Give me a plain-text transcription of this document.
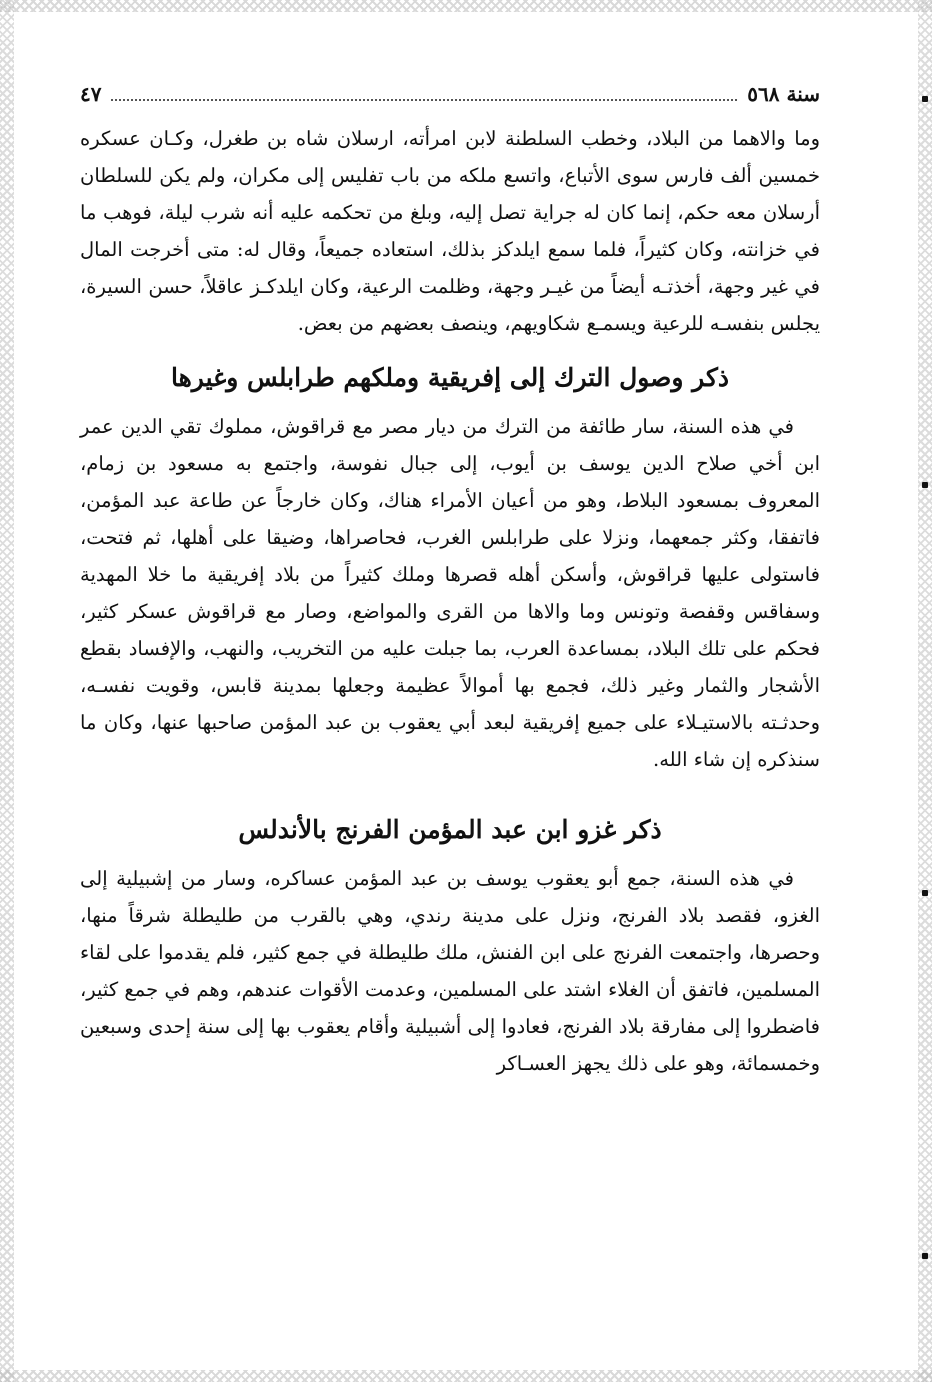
سنة ٥٦٨
٤٧

وما والاهما من البلاد، وخطب السلطنة لابن امرأته، ارسلان شاه بن طغرل، وكـان عسكره خمسين ألف فارس سوى الأتباع، واتسع ملكه من باب تفليس إلى مكران، ولم يكن للسلطان أرسلان معه حكم، إنما كان له جراية تصل إليه، وبلغ من تحكمه عليه أنه شرب ليلة، فوهب ما في خزانته، وكان كثيراً، فلما سمع ايلدكز بذلك، استعاده جميعاً، وقال له: متى أخرجت المال في غير وجهة، أخذتـه أيضاً من غيـر وجهة، وظلمت الرعية، وكان ايلدكـز عاقلاً، حسن السيرة، يجلس بنفسـه للرعية ويسمـع شكاويهم، وينصف بعضهم من بعض.

ذكر وصول الترك إلى إفريقية وملكهم طرابلس وغيرها

في هذه السنة، سار طائفة من الترك من ديار مصر مع قراقوش، مملوك تقي الدين عمر ابن أخي صلاح الدين يوسف بن أيوب، إلى جبال نفوسة، واجتمع به مسعود بن زمام، المعروف بمسعود البلاط، وهو من أعيان الأمراء هناك، وكان خارجاً عن طاعة عبد المؤمن، فاتفقا، وكثر جمعهما، ونزلا على طرابلس الغرب، فحاصراها، وضيقا على أهلها، ثم فتحت، فاستولى عليها قراقوش، وأسكن أهله قصرها وملك كثيراً من بلاد إفريقية ما خلا المهدية وسفاقس وقفصة وتونس وما والاها من القرى والمواضع، وصار مع قراقوش عسكر كثير، فحكم على تلك البلاد، بمساعدة العرب، بما جبلت عليه من التخريب، والنهب، والإفساد بقطع الأشجار والثمار وغير ذلك، فجمع بها أموالاً عظيمة وجعلها بمدينة قابس، وقويت نفسـه، وحدثـته بالاستيـلاء على جميع إفريقية لبعد أبي يعقوب بن عبد المؤمن صاحبها عنها، وكان ما سنذكره إن شاء الله.

ذكر غزو ابن عبد المؤمن الفرنج بالأندلس

في هذه السنة، جمع أبو يعقوب يوسف بن عبد المؤمن عساكره، وسار من إشبيلية إلى الغزو، فقصد بلاد الفرنج، ونزل على مدينة رندي، وهي بالقرب من طليطلة شرقاً منها، وحصرها، واجتمعت الفرنج على ابن الفنش، ملك طليطلة في جمع كثير، فلم يقدموا على لقاء المسلمين، فاتفق أن الغلاء اشتد على المسلمين، وعدمت الأقوات عندهم، وهم في جمع كثير، فاضطروا إلى مفارقة بلاد الفرنج، فعادوا إلى أشبيلية وأقام يعقوب بها إلى سنة إحدى وسبعين وخمسمائة، وهو على ذلك يجهز العسـاكر
